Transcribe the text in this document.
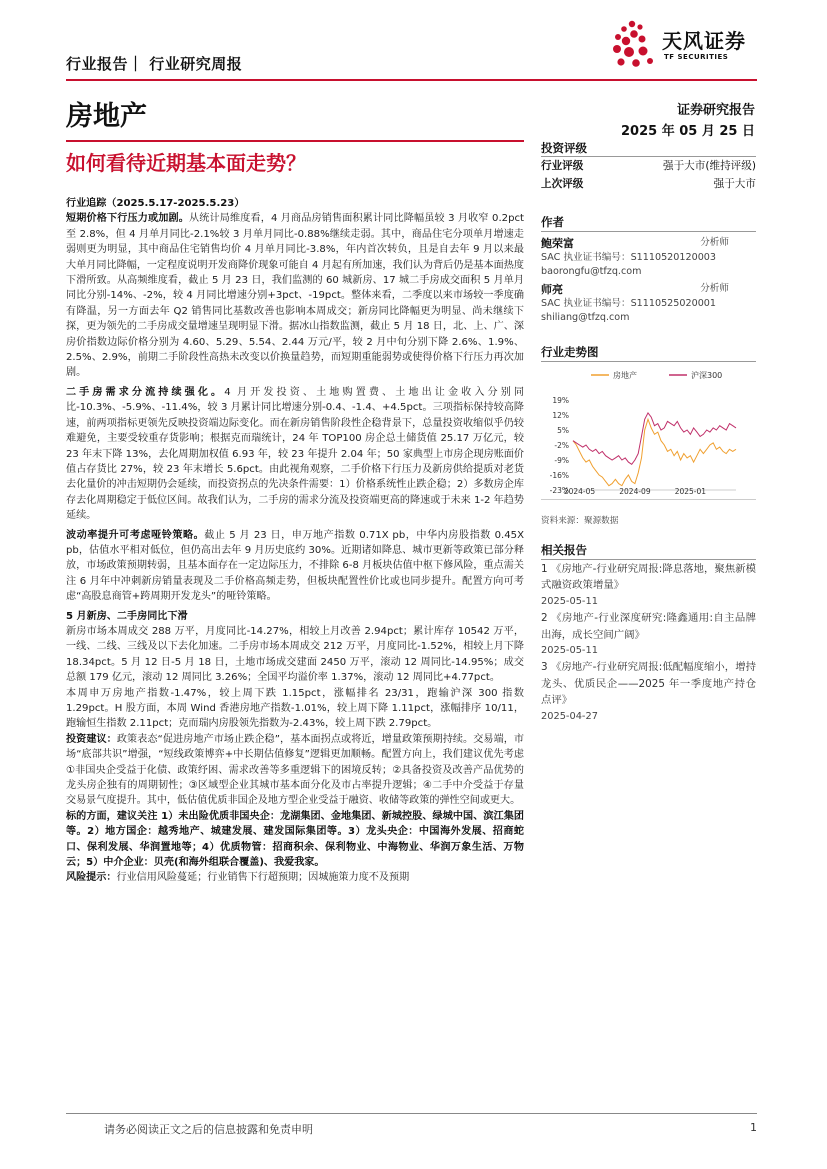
行业报告｜ 行业研究周报
天风证券
TF SECURITIES
房地产	证券研究报告
2025 年 05 月 25 日
如何看待近期基本面走势？

行业追踪（2025.5.17-2025.5.23）

短期价格下行压力或加剧。从统计局维度看，4 月商品房销售面积累计同比降幅虽较 3 月收窄 0.2pct 至 2.8%，但 4 月单月同比-2.1%较 3 月单月同比-0.88%继续走弱。其中，商品住宅分项单月增速走弱则更为明显，其中商品住宅销售均价 4 月单月同比-3.8%，年内首次转负，且是自去年 9 月以来最大单月同比降幅，一定程度说明开发商降价现象可能自 4 月起有所加速，我们认为背后仍是基本面热度下滑所致。从高频维度看，截止 5 月 23 日，我们监测的 60 城新房、17 城二手房成交面积 5 月单月同比分别-14%、-2%，较 4 月同比增速分别+3pct、-19pct。整体来看，二季度以来市场较一季度确有降温，另一方面去年 Q2 销售同比基数改善也影响本周成交；新房同比降幅更为明显、尚未继续下探，更为领先的二手房成交量增速呈现明显下滑。据冰山指数监测，截止 5 月 18 日，北、上、广、深房价指数边际价格分别为 4.60、5.29、5.54、2.44 万元/平，较 2 月中旬分别下降 2.6%、1.9%、2.5%、2.9%，前期二手阶段性高热未改变以价换量趋势，而短期重能弱势或使得价格下行压力再次加剧。

二手房需求分流持续强化。4 月开发投资、土地购置费、土地出让金收入分别同比-10.3%、-5.9%、-11.4%，较 3 月累计同比增速分别-0.4、-1.4、+4.5pct。三项指标保持较高降速，前两项指标更领先反映投资端边际变化。而在新房销售阶段性企稳背景下，总量投资收缩似乎仍较难避免，主要受较重存货影响；根据克而瑞统计，24 年 TOP100 房企总土储货值 25.17 万亿元，较 23 年末下降 13%，去化周期加权值 6.93 年，较 23 年提升 2.04 年；50 家典型上市房企现房账面价值占存货比 27%，较 23 年末增长 5.6pct。由此视角观察，二手价格下行压力及新房供给提质对老货去化量价的冲击短期仍会延续，而投资拐点的先决条件需要：1）价格系统性止跌企稳；2）多数房企库存去化周期稳定于低位区间。故我们认为，二手房的需求分流及投资端更高的降速或于未来 1-2 年趋势延续。

波动率提升可考虑哑铃策略。截止 5 月 23 日，申万地产指数 0.71X pb，中华内房股指数 0.45X pb，估值水平相对低位，但仍高出去年 9 月历史底约 30%。近期诸如降息、城市更新等政策已部分释放，市场政策预期转弱，且基本面存在一定边际压力，不排除 6-8 月板块估值中枢下修风险，重点需关注 6 月年中冲刺新房销量表现及二手价格高频走势，但板块配置性价比或也同步提升。配置方向可考虑“高股息商管+跨周期开发龙头”的哑铃策略。

5 月新房、二手房同比下滑

新房市场本周成交 288 万平，月度同比-14.27%，相较上月改善 2.94pct；累计库存 10542 万平，一线、二线、三线及以下去化加速。二手房市场本周成交 212 万平，月度同比-1.52%，相较上月下降 18.34pct。5 月 12 日-5 月 18 日，土地市场成交建面 2450 万平，滚动 12 周同比-14.95%；成交总额 179 亿元，滚动 12 周同比 3.26%；全国平均溢价率 1.37%，滚动 12 周同比+4.77pct。

本周申万房地产指数-1.47%，较上周下跌 1.15pct，涨幅排名 23/31，跑输沪深 300 指数 1.29pct。H 股方面，本周 Wind 香港房地产指数-1.01%，较上周下降 1.11pct，涨幅排序 10/11，跑输恒生指数 2.11pct；克而瑞内房股领先指数为-2.43%，较上周下跌 2.79pct。

投资建议：政策表态“促进房地产市场止跌企稳”，基本面拐点或将近，增量政策预期持续。交易端，市场“底部共识”增强，“短线政策博弈+中长期估值修复”逻辑更加顺畅。配置方向上，我们建议优先考虑①非国央企受益于化债、政策纾困、需求改善等多重逻辑下的困境反转；②具备投资及改善产品优势的龙头房企独有的周期韧性；③区域型企业其城市基本面分化及市占率提升逻辑；④二手中介受益于存量交易景气度提升。其中，低估值优质非国企及地方型企业受益于融资、收储等政策的弹性空间或更大。

标的方面，建议关注 1）未出险优质非国央企：龙湖集团、金地集团、新城控股、绿城中国、滨江集团等。2）地方国企：越秀地产、城建发展、建发国际集团等。3）龙头央企：中国海外发展、招商蛇口、保利发展、华润置地等；4）优质物管：招商积余、保利物业、中海物业、华润万象生活、万物云；5）中介企业：贝壳(和海外组联合覆盖)、我爱我家。

风险提示：行业信用风险蔓延；行业销售下行超预期；因城施策力度不及预期

投资评级
行业评级	强于大市(维持评级)
上次评级	强于大市
作者
鲍荣富	分析师
SAC 执业证书编号：S1110520120003
baorongfu@tfzq.com
师亮	分析师
SAC 执业证书编号：S1110525020001
shiliang@tfzq.com
行业走势图
房地产	沪深300
19%
12%
5%
-2%
-9%
-16%
-23%
2024-05	2024-09	2025-01
资料来源：聚源数据
相关报告
1 《房地产-行业研究周报:降息落地，聚焦新模式融资政策增量》
2025-05-11
2 《房地产-行业深度研究:隆鑫通用:自主品牌出海，成长空间广阔》
2025-05-11
3 《房地产-行业研究周报:低配幅度缩小，增持龙头、优质民企——2025 年一季度地产持仓点评》
2025-04-27
请务必阅读正文之后的信息披露和免责申明	1
